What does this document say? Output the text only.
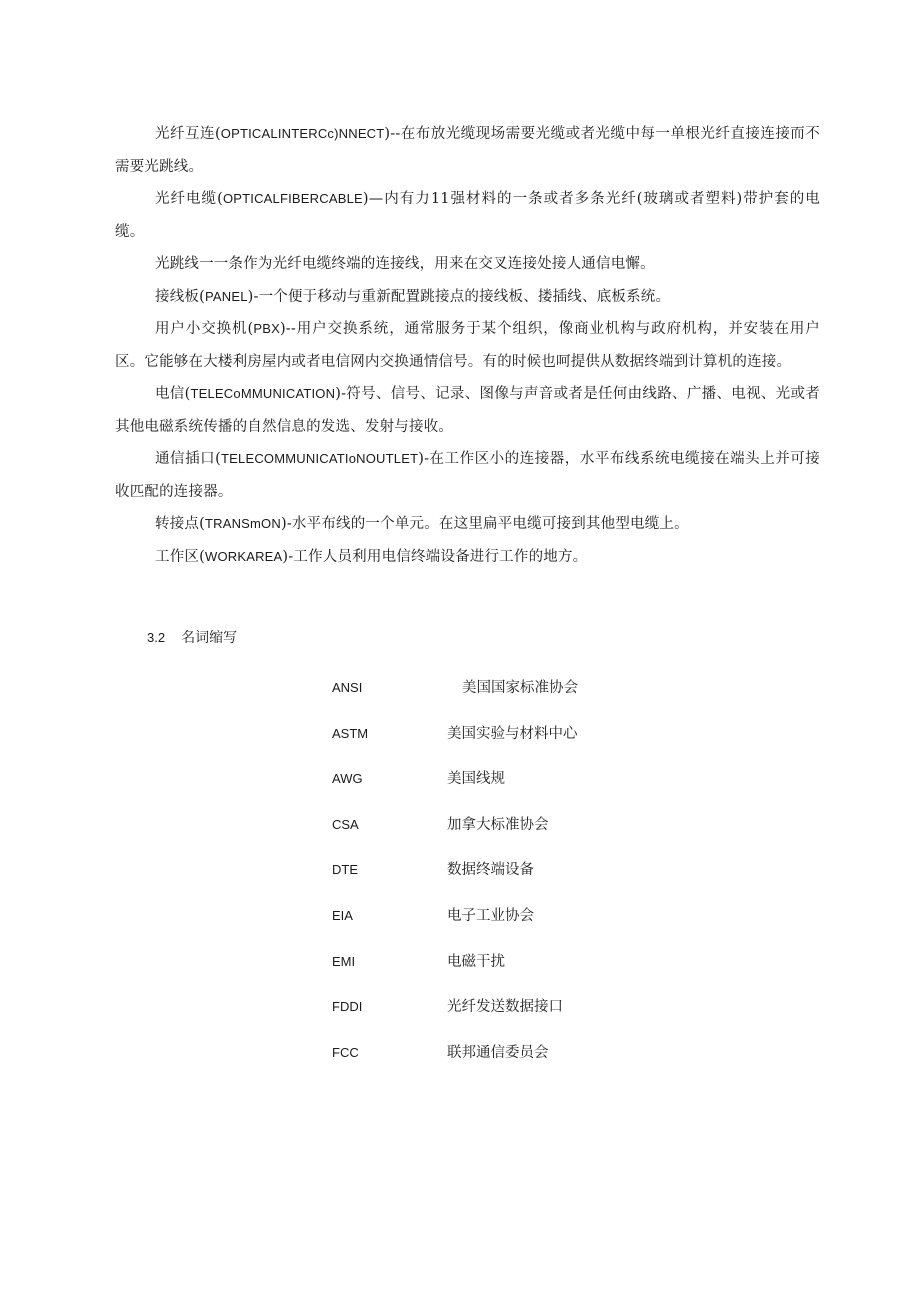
光纤互连(OPTICALINTERCc)NNECT)--在布放光缆现场需要光缆或者光缆中每一单根光纤直接连接而不需要光跳线。

光纤电缆(OPTICALFIBERCABLE)—内有力11强材料的一条或者多条光纤(玻璃或者塑料)带护套的电缆。

光跳线一一条作为光纤电缆终端的连接线，用来在交叉连接处接人通信电懈。

接线板(PANEL)-一个便于移动与重新配置跳接点的接线板、搂插线、底板系统。

用户小交换机(PBX)--用户交换系统，通常服务于某个组织，像商业机构与政府机构，并安装在用户区。它能够在大楼利房屋内或者电信网内交换通情信号。有的时候也呵提供从数据终端到计算机的连接。

电信(TELECoMMUNICATION)-符号、信号、记录、图像与声音或者是任何由线路、广播、电视、光或者其他电磁系统传播的自然信息的发选、发射与接收。

通信插口(TELECOMMUNICATIoNOUTLET)-在工作区小的连接器，水平布线系统电缆接在端头上并可接收匹配的连接器。

转接点(TRANSmON)-水平布线的一个单元。在这里扁平电缆可接到其他型电缆上。

工作区(WORKAREA)-工作人员利用电信终端设备进行工作的地方。

3.2 名词缩写

ANSI	美国国家标准协会
ASTM	美国实验与材料中心
AWG	美国线规
CSA	加拿大标准协会
DTE	数据终端设备
EIA	电子工业协会
EMI	电磁干扰
FDDI	光纤发送数据接口
FCC	联邦通信委员会
